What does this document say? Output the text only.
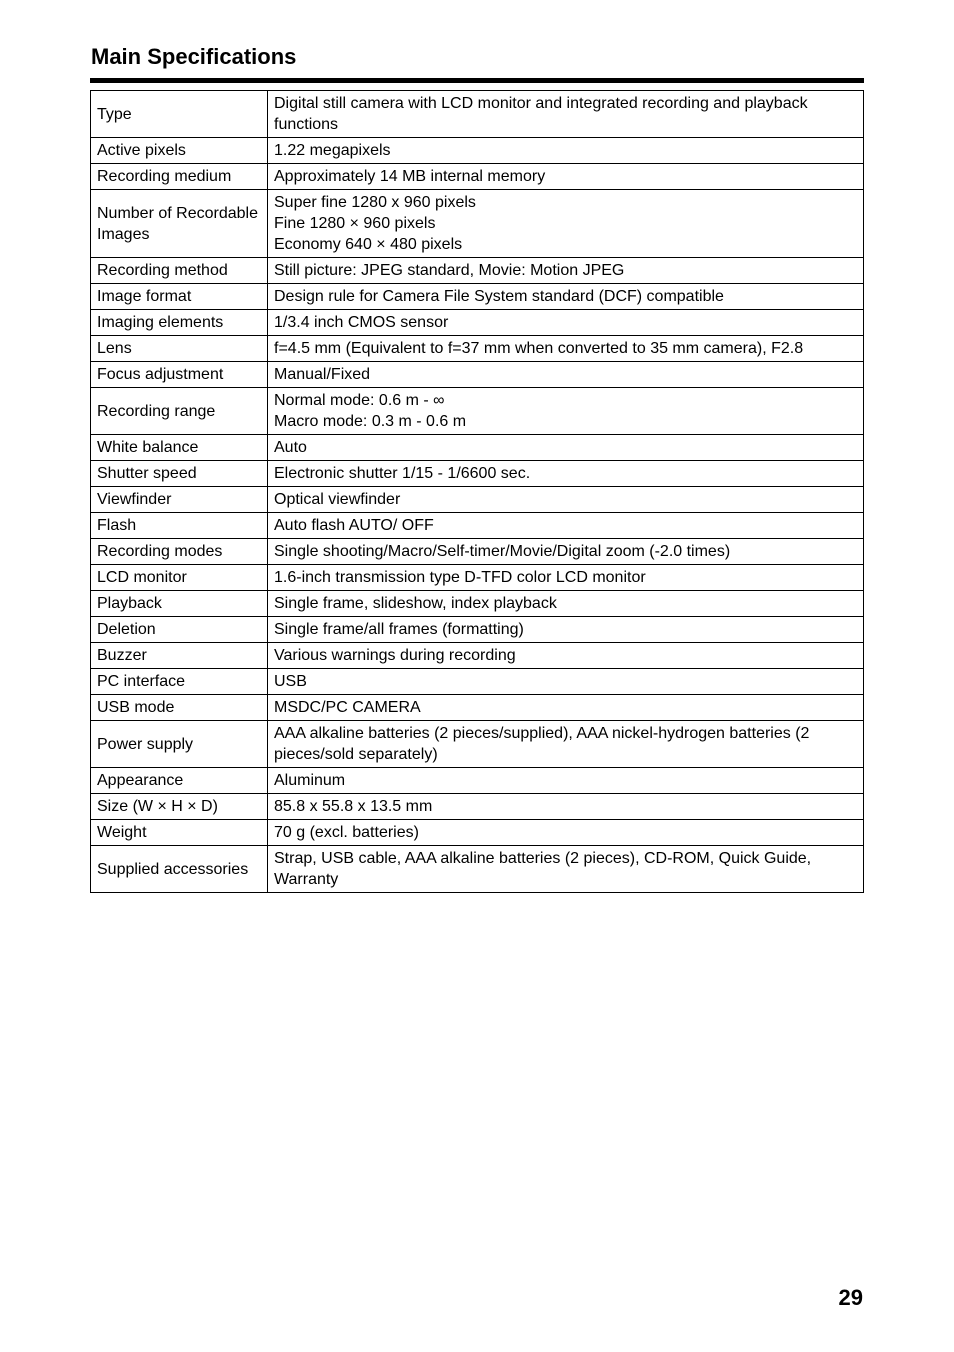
Main Specifications
Type	Digital still camera with LCD monitor and integrated recording and playback functions

Active pixels	1.22 megapixels

Recording medium	Approximately 14 MB internal memory

Number of Recordable Images	Super fine 1280 x 960 pixels
Fine 1280 × 960 pixels
Economy 640 × 480 pixels

Recording method	Still picture: JPEG standard, Movie: Motion JPEG

Image format	Design rule for Camera File System standard (DCF) compatible

Imaging elements	1/3.4 inch CMOS sensor

Lens	f=4.5 mm (Equivalent to f=37 mm when converted to 35 mm camera), F2.8

Focus adjustment	Manual/Fixed

Recording range	Normal mode: 0.6 m - ∞
Macro mode: 0.3 m - 0.6 m

White balance	Auto

Shutter speed	Electronic shutter 1/15 - 1/6600 sec.

Viewfinder	Optical viewfinder

Flash	Auto flash AUTO/ OFF

Recording modes	Single shooting/Macro/Self-timer/Movie/Digital zoom (-2.0 times)

LCD monitor	1.6-inch transmission type D-TFD color LCD monitor

Playback	Single frame, slideshow, index playback

Deletion	Single frame/all frames (formatting)

Buzzer	Various warnings during recording

PC interface	USB

USB mode	MSDC/PC CAMERA

Power supply	AAA alkaline batteries (2 pieces/supplied), AAA nickel-hydrogen batteries (2 pieces/sold separately)

Appearance	Aluminum

Size (W × H × D)	85.8 x 55.8 x 13.5 mm

Weight	70 g (excl. batteries)

Supplied accessories	Strap, USB cable, AAA alkaline batteries (2 pieces), CD-ROM, Quick Guide, Warranty
29
